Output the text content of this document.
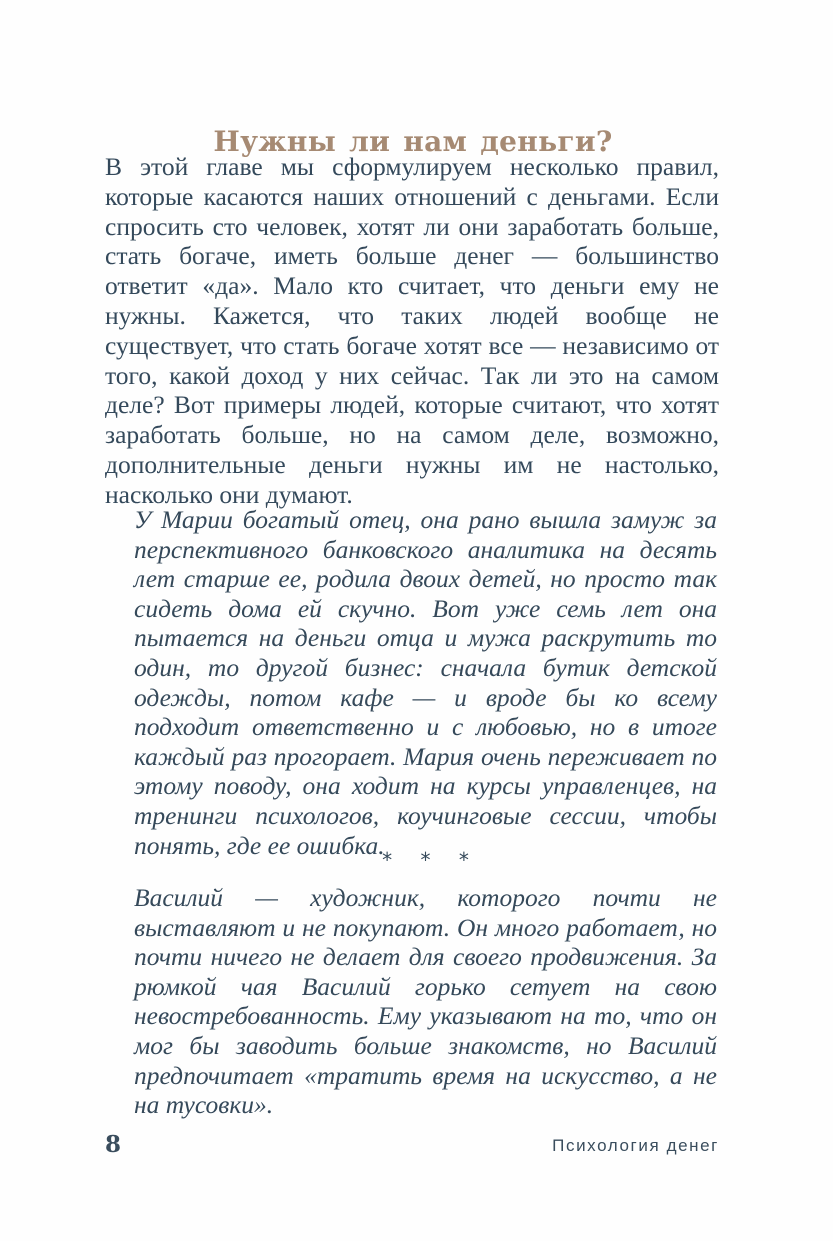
Нужны ли нам деньги?

В этой главе мы сформулируем несколько правил, которые касаются наших отношений с деньгами. Если спросить сто человек, хотят ли они заработать больше, стать богаче, иметь больше денег — большинство ответит «да». Мало кто считает, что деньги ему не нужны. Кажется, что таких людей вообще не существует, что стать богаче хотят все — независимо от того, какой доход у них сейчас. Так ли это на самом деле? Вот примеры людей, которые считают, что хотят заработать больше, но на самом деле, возможно, дополнительные деньги нужны им не настолько, насколько они думают.

У Марии богатый отец, она рано вышла замуж за перспективного банковского аналитика на десять лет старше ее, родила двоих детей, но просто так сидеть дома ей скучно. Вот уже семь лет она пытается на деньги отца и мужа раскрутить то один, то другой бизнес: сначала бутик детской одежды, потом кафе — и вроде бы ко всему подходит ответственно и с любовью, но в итоге каждый раз прогорает. Мария очень переживает по этому поводу, она ходит на курсы управленцев, на тренинги психологов, коучинговые сессии, чтобы понять, где ее ошибка.

* * *

Василий — художник, которого почти не выставляют и не покупают. Он много работает, но почти ничего не делает для своего продвижения. За рюмкой чая Василий горько сетует на свою невостребованность. Ему указывают на то, что он мог бы заводить больше знакомств, но Василий предпочитает «тратить время на искусство, а не на тусовки».

8	Психология денег
